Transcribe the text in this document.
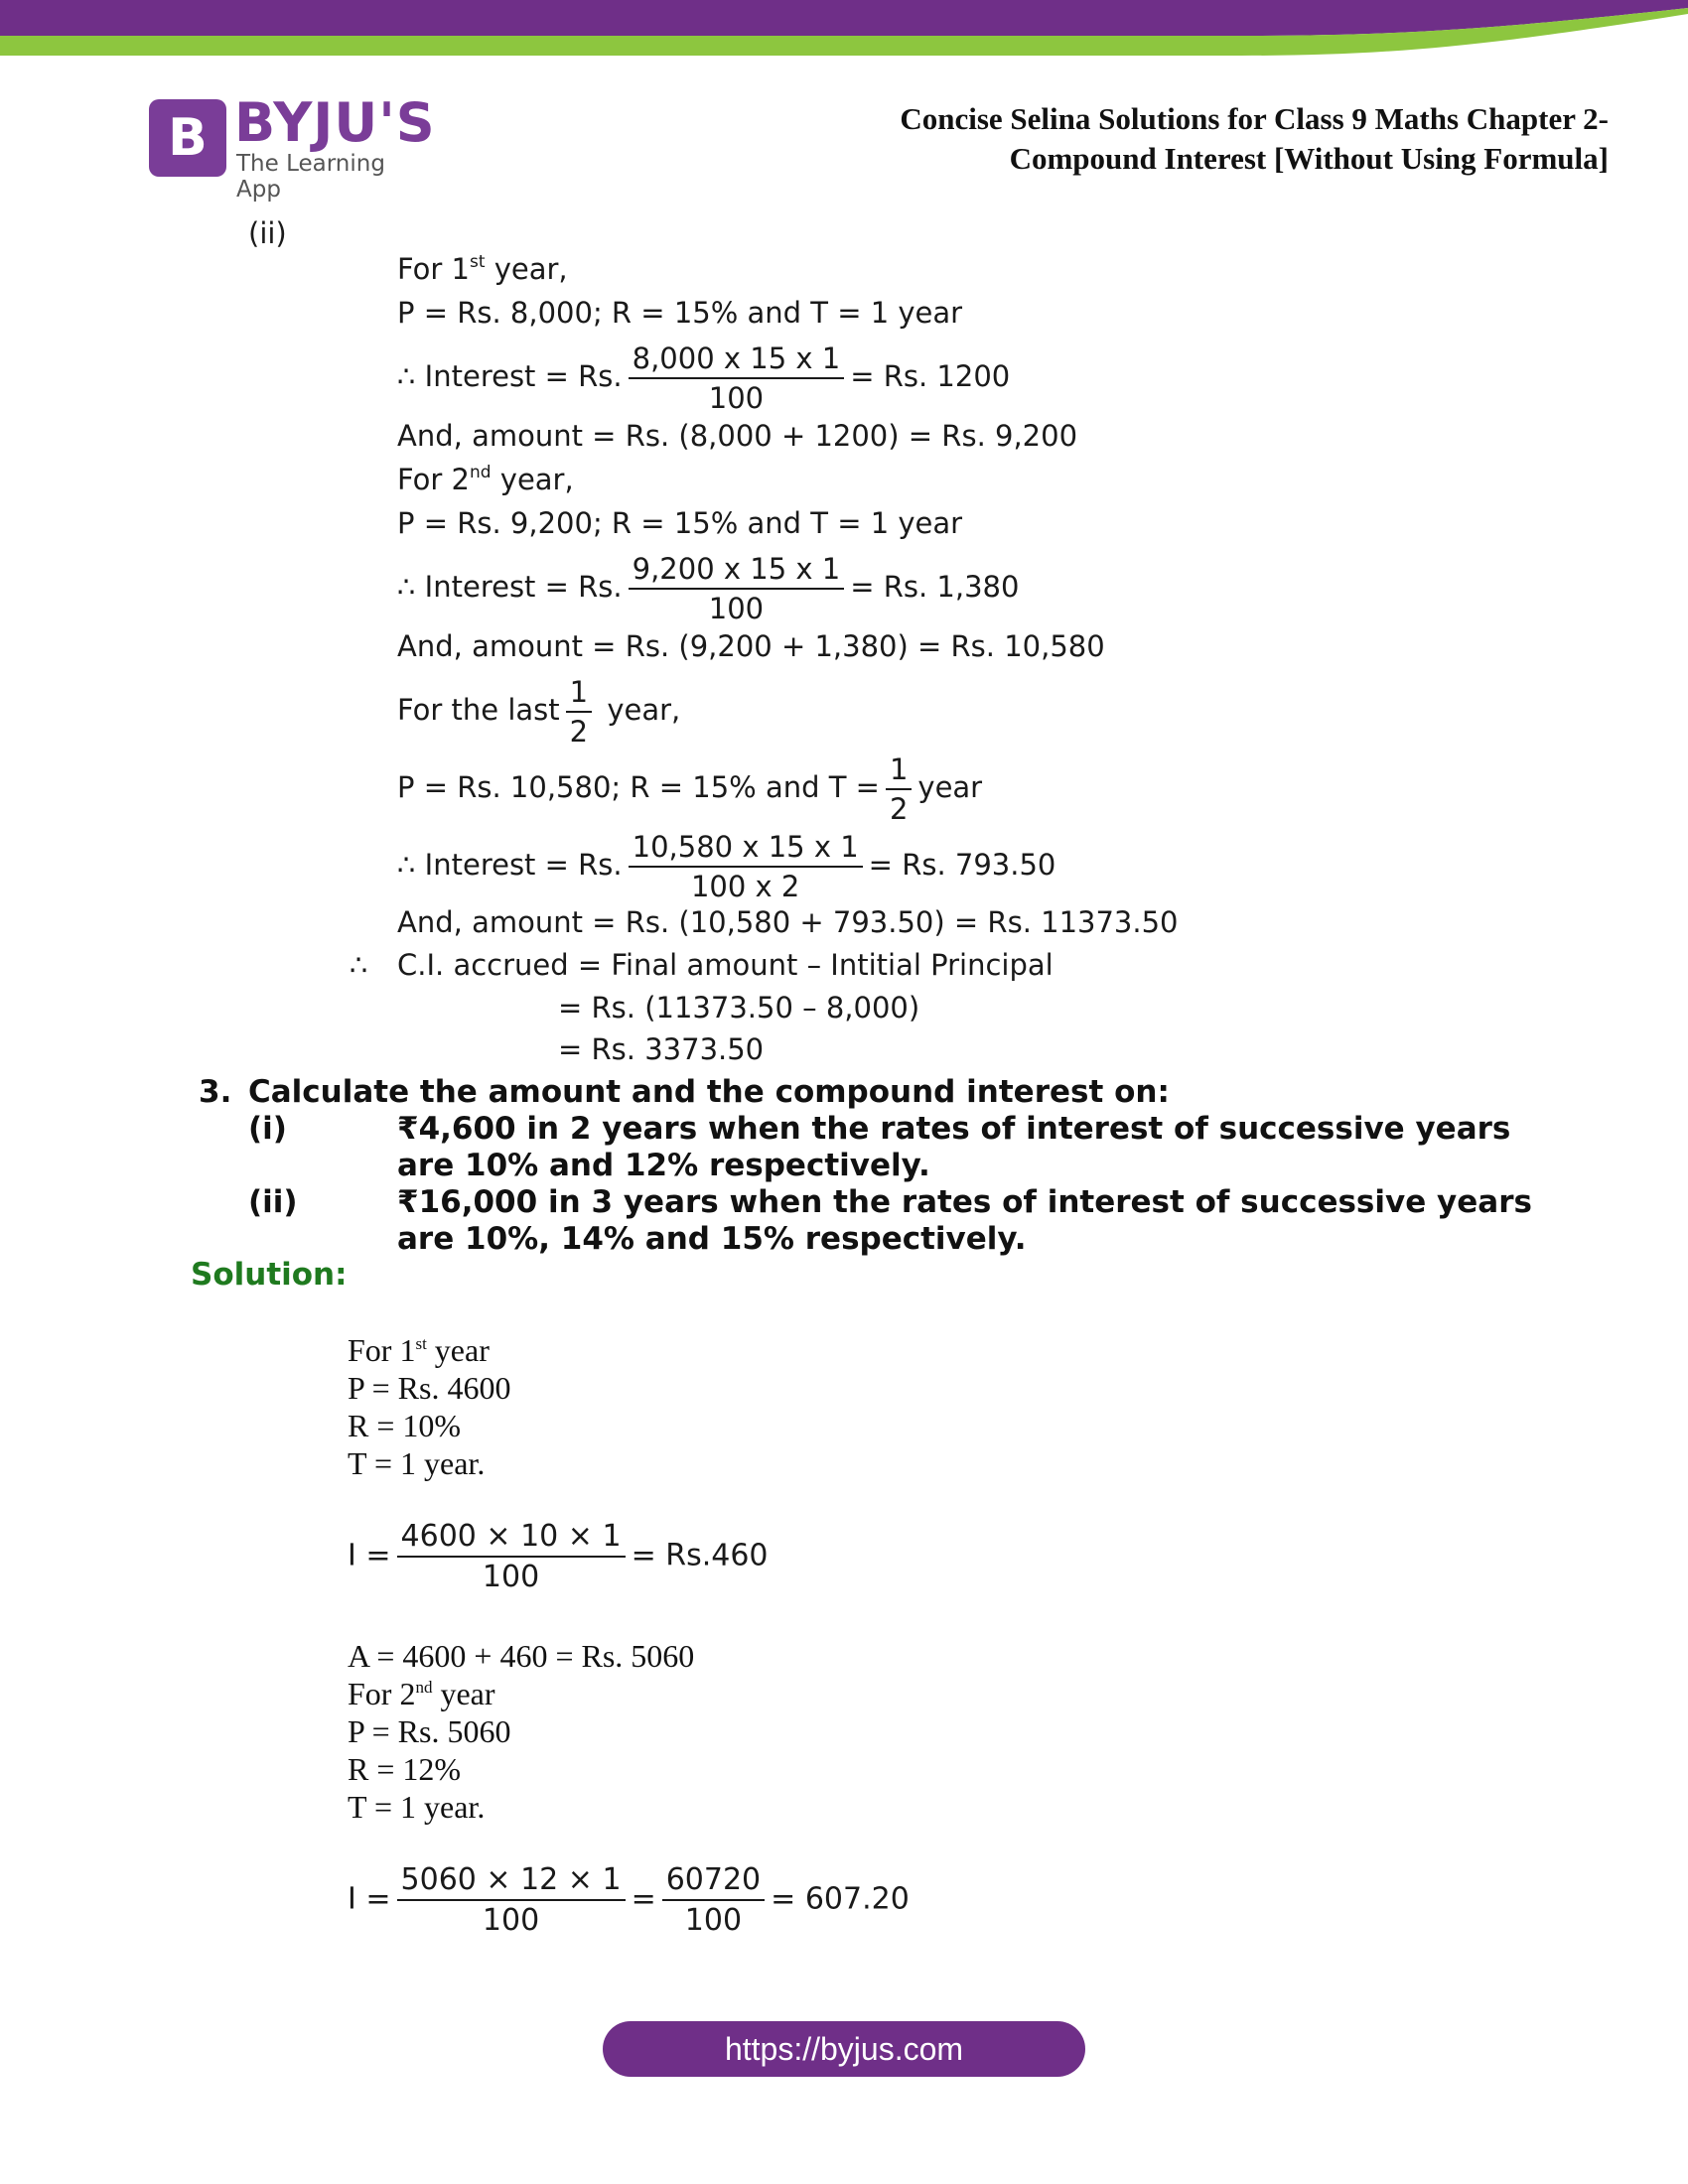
B BYJU'S
The Learning App
Concise Selina Solutions for Class 9 Maths Chapter 2-
Compound Interest [Without Using Formula]
(ii)
For 1st year,
P = Rs. 8,000; R = 15% and T = 1 year
∴ Interest = Rs. $\frac{8,000 x 15 x 1}{100} = Rs$. 1200
And, amount = Rs. (8,000 + 1200) = Rs. 9,200
For 2nd year,
P = Rs. 9,200; R = 15% and T = 1 year
∴ Interest = Rs. $\frac{9,200 x 15 x 1}{100} = Rs$. 1,380
And, amount = Rs. (9,200 + 1,380) = Rs. 10,580
For the last $\frac{1}{2}$ year,
P = Rs. 10,580; R = 15% and $T = \frac{1}{2}$ year
∴ Interest = Rs. $\frac{10,580 x 15 x 1}{100 x 2} = Rs$. 793.50
And, amount = Rs. (10,580 + 793.50) = Rs. 11373.50
∴ C.I. accrued = Final amount – Intitial Principal
= Rs. (11373.50 – 8,000)
= Rs. 3373.50
3. Calculate the amount and the compound interest on:
(i)	₹4,600 in 2 years when the rates of interest of successive years are 10% and 12% respectively.
(ii)	₹16,000 in 3 years when the rates of interest of successive years are 10%, 14% and 15% respectively.
Solution:
For 1st year
P = Rs. 4600
R = 10%
T = 1 year.
$I = \frac{4600 \times 10 \times 1}{100} = Rs.460$
A = 4600 + 460 = Rs. 5060
For 2nd year
P = Rs. 5060
R = 12%
T = 1 year.
$I = \frac{5060 \times 12 \times 1}{100} = \frac{60720}{100} = 607.20$
https://byjus.com
